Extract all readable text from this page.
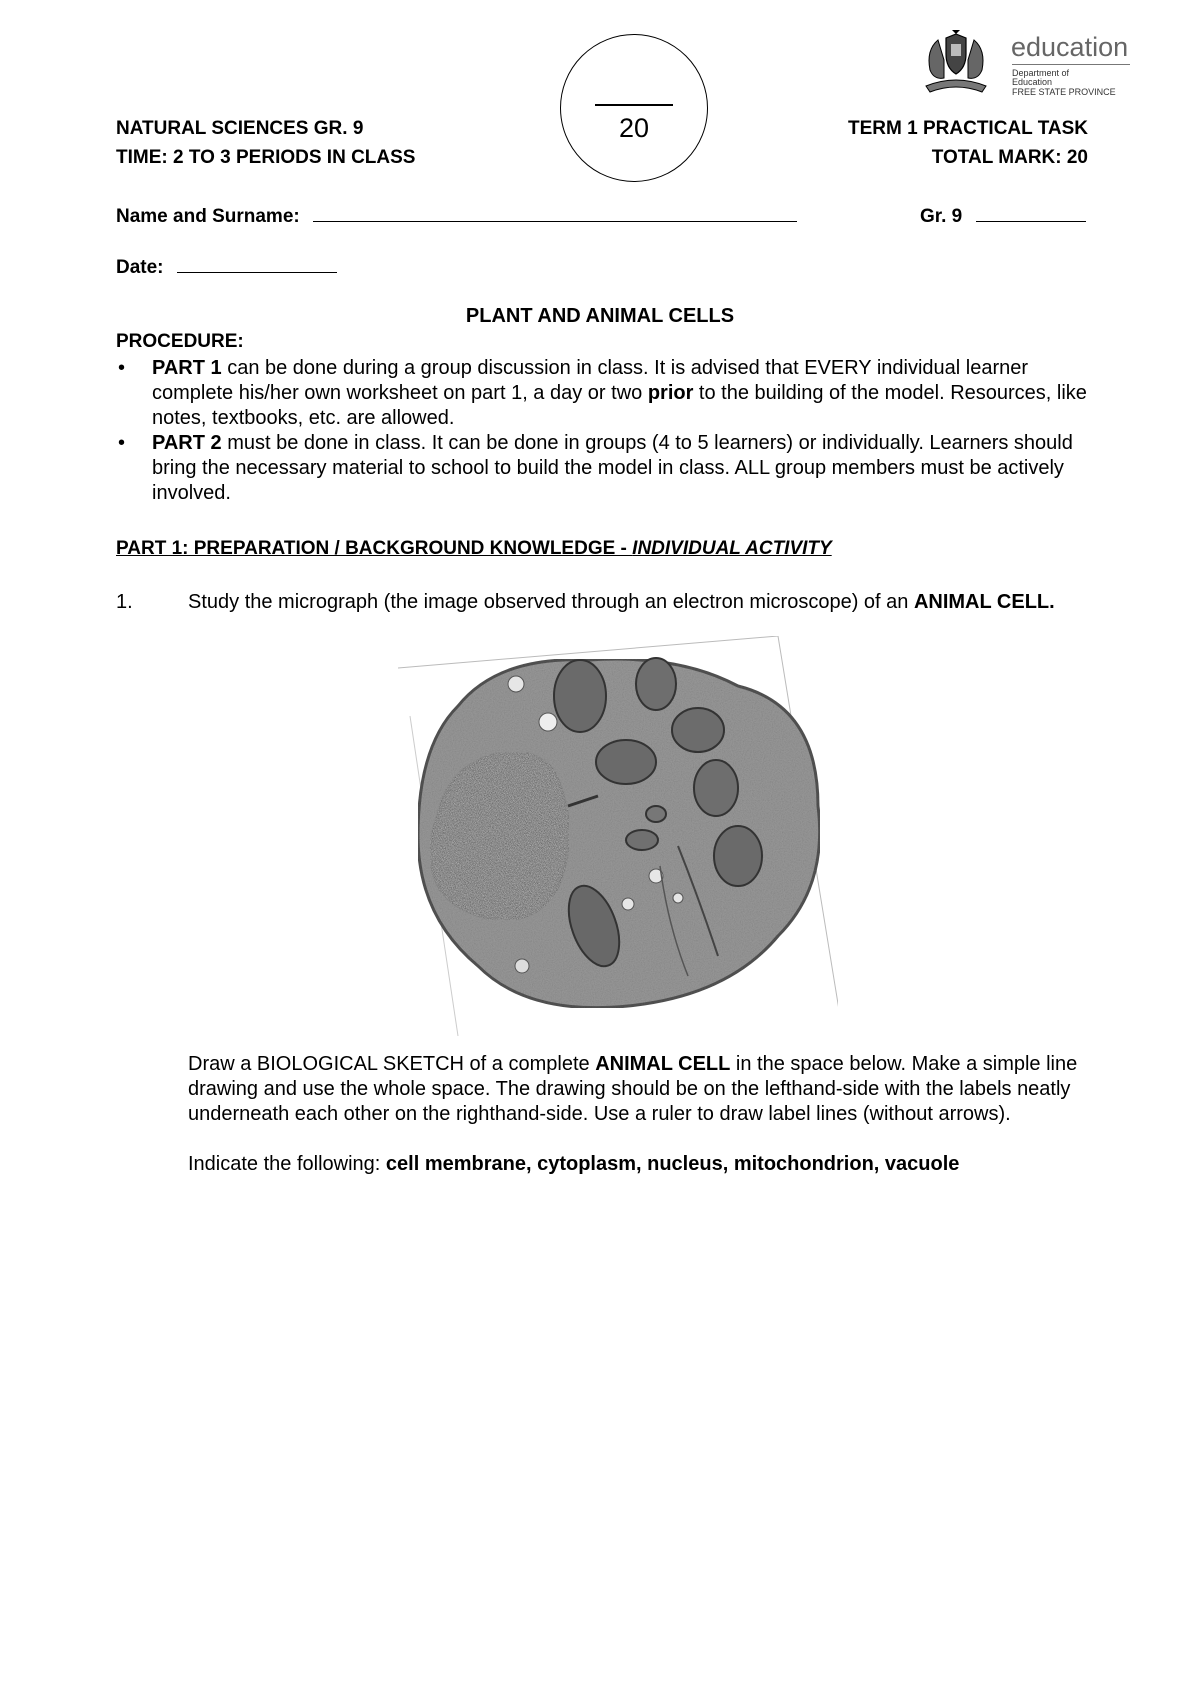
education
Department of
Education
FREE STATE PROVINCE
20
NATURAL SCIENCES GR. 9
TIME: 2 TO 3 PERIODS IN CLASS
TERM 1 PRACTICAL TASK
TOTAL MARK: 20
Name and Surname:	Gr. 9
Date:
PLANT AND ANIMAL CELLS
PROCEDURE:
• PART 1 can be done during a group discussion in class. It is advised that EVERY individual learner complete his/her own worksheet on part 1, a day or two prior to the building of the model. Resources, like notes, textbooks, etc. are allowed.
• PART 2 must be done in class. It can be done in groups (4 to 5 learners) or individually. Learners should bring the necessary material to school to build the model in class. ALL group members must be actively involved.
PART 1: PREPARATION / BACKGROUND KNOWLEDGE - INDIVIDUAL ACTIVITY
1.	Study the micrograph (the image observed through an electron microscope) of an ANIMAL CELL.
Draw a BIOLOGICAL SKETCH of a complete ANIMAL CELL in the space below. Make a simple line drawing and use the whole space. The drawing should be on the lefthand-side with the labels neatly underneath each other on the righthand-side. Use a ruler to draw label lines (without arrows).
Indicate the following: cell membrane, cytoplasm, nucleus, mitochondrion, vacuole
